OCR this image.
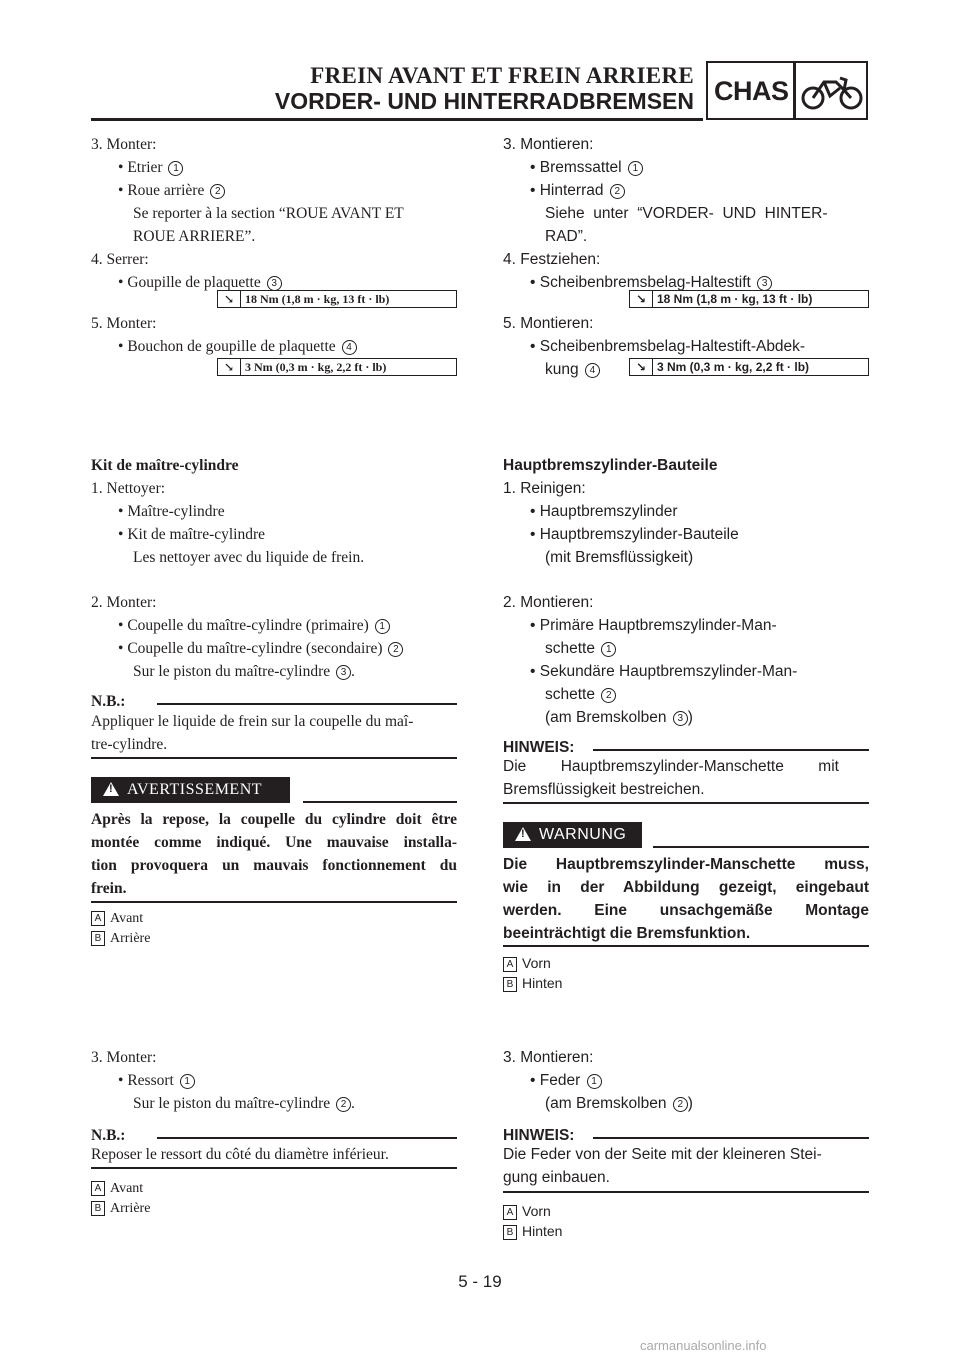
FREIN AVANT ET FREIN ARRIERE
VORDER- UND HINTERRADBREMSEN CHAS
3. Monter:
• Etrier 1
• Roue arrière 2
Se reporter à la section “ROUE AVANT ET
ROUE ARRIERE”.
4. Serrer:
• Goupille de plaquette 3
↘ 18 Nm (1,8 m · kg, 13 ft · lb)
5. Monter:
• Bouchon de goupille de plaquette 4
↘ 3 Nm (0,3 m · kg, 2,2 ft · lb)
Kit de maître-cylindre
1. Nettoyer:
• Maître-cylindre
• Kit de maître-cylindre
Les nettoyer avec du liquide de frein.
2. Monter:
• Coupelle du maître-cylindre (primaire) 1
• Coupelle du maître-cylindre (secondaire) 2
Sur le piston du maître-cylindre 3 .
N.B.:
Appliquer le liquide de frein sur la coupelle du maî-
tre-cylindre.
!AVERTISSEMENT
Après la repose, la coupelle du cylindre doit être
montée comme indiqué. Une mauvaise installa-
tion provoquera un mauvais fonctionnement du
frein.
A Avant
B Arrière
3. Monter:
• Ressort 1
Sur le piston du maître-cylindre 2 .
N.B.:
Reposer le ressort du côté du diamètre inférieur.
A Avant
B Arrière
3. Montieren:
• Bremssattel 1
• Hinterrad 2
Siehe  unter  “VORDER-  UND  HINTER-
RAD”.
4. Festziehen:
• Scheibenbremsbelag-Haltestift 3
↘ 18 Nm (1,8 m · kg, 13 ft · lb)
5. Montieren:
• Scheibenbremsbelag-Haltestift-Abdek-
kung 4	↘ 3 Nm (0,3 m · kg, 2,2 ft · lb)
Hauptbremszylinder-Bauteile
1. Reinigen:
• Hauptbremszylinder
• Hauptbremszylinder-Bauteile
(mit Bremsflüssigkeit)
2. Montieren:
• Primäre Hauptbremszylinder-Man-
schette 1
• Sekundäre Hauptbremszylinder-Man-
schette 2
(am Bremskolben 3 )
HINWEIS:
Die        Hauptbremszylinder-Manschette        mit
Bremsflüssigkeit bestreichen.
!WARNUNG
Die Hauptbremszylinder-Manschette muss,
wie in der Abbildung gezeigt, eingebaut
werden. Eine unsachgemäße Montage
beeinträchtigt die Bremsfunktion.
A Vorn
B Hinten
3. Montieren:
• Feder 1
(am Bremskolben 2 )
HINWEIS:
Die Feder von der Seite mit der kleineren Stei-
gung einbauen.
A Vorn
B Hinten
5 - 19
carmanualsonline.info
